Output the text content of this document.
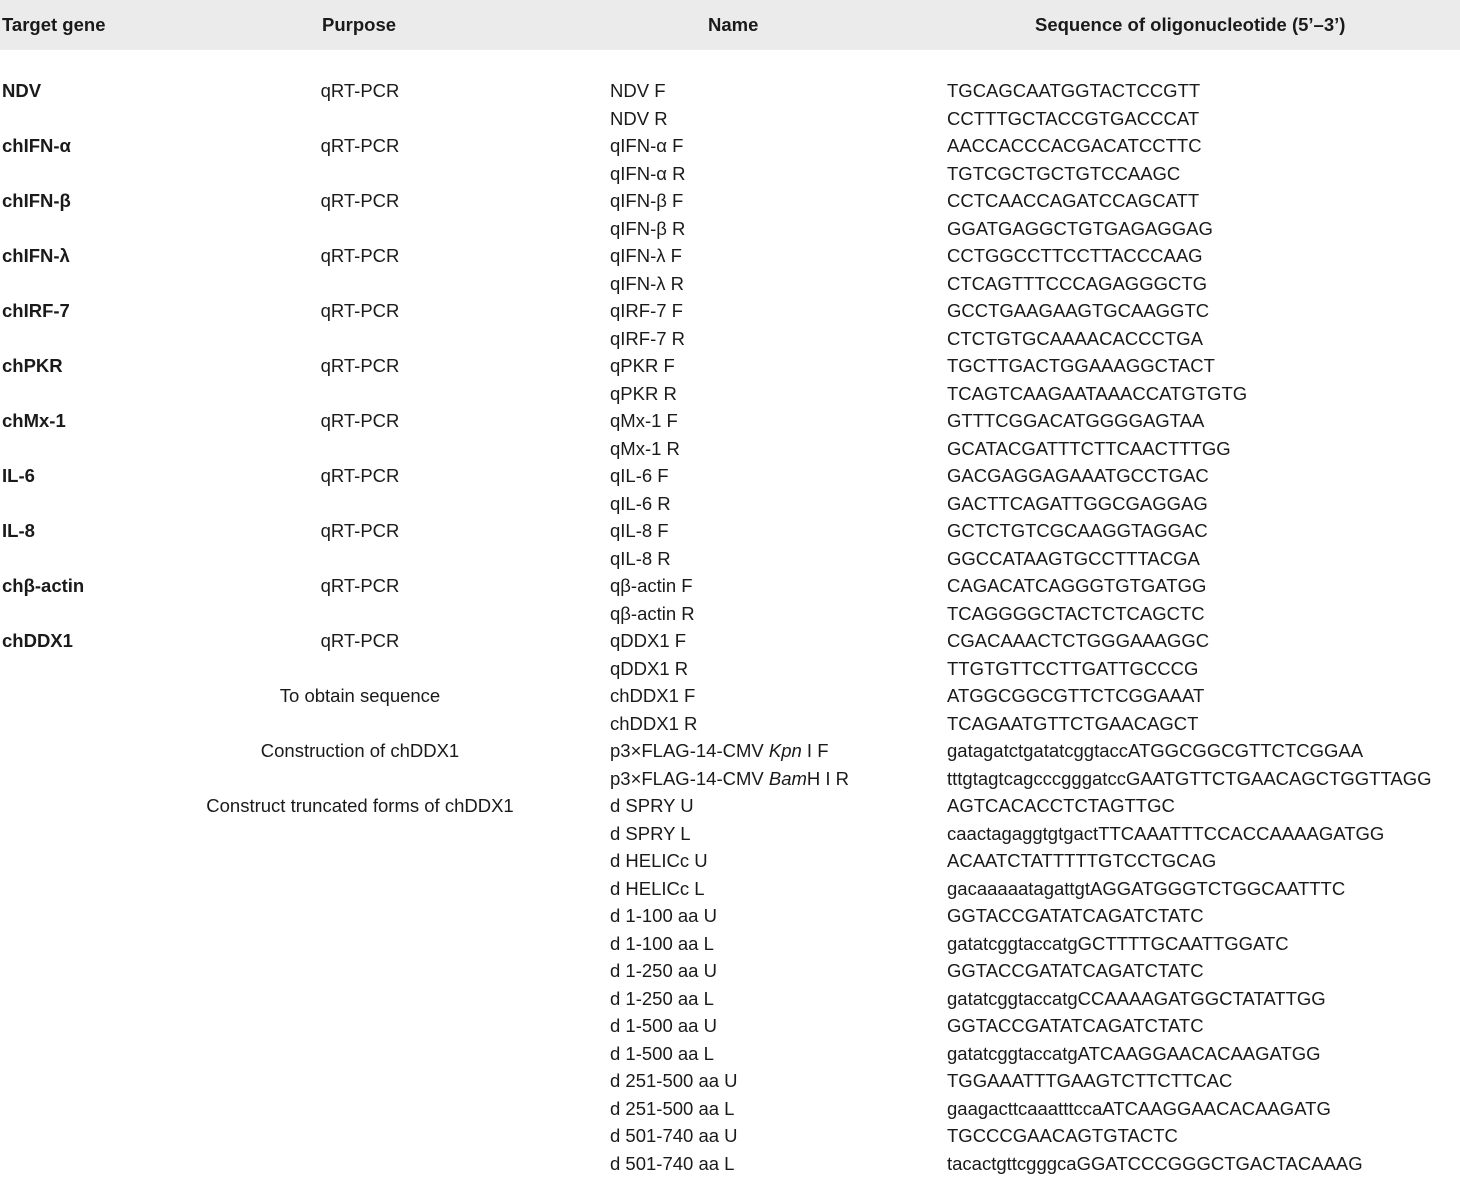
Target gene	Purpose	Name	Sequence of oligonucleotide (5’–3’)

NDV	qRT-PCR	NDV F	TGCAGCAATGGTACTCCGTT
		NDV R	CCTTTGCTACCGTGACCCAT
chIFN-α	qRT-PCR	qIFN-α F	AACCACCCACGACATCCTTC
		qIFN-α R	TGTCGCTGCTGTCCAAGC
chIFN-β	qRT-PCR	qIFN-β F	CCTCAACCAGATCCAGCATT
		qIFN-β R	GGATGAGGCTGTGAGAGGAG
chIFN-λ	qRT-PCR	qIFN-λ F	CCTGGCCTTCCTTACCCAAG
		qIFN-λ R	CTCAGTTTCCCAGAGGGCTG
chIRF-7	qRT-PCR	qIRF-7 F	GCCTGAAGAAGTGCAAGGTC
		qIRF-7 R	CTCTGTGCAAAACACCCTGA
chPKR	qRT-PCR	qPKR F	TGCTTGACTGGAAAGGCTACT
		qPKR R	TCAGTCAAGAATAAACCATGTGTG
chMx-1	qRT-PCR	qMx-1 F	GTTTCGGACATGGGGAGTAA
		qMx-1 R	GCATACGATTTCTTCAACTTTGG
IL-6	qRT-PCR	qIL-6 F	GACGAGGAGAAATGCCTGAC
		qIL-6 R	GACTTCAGATTGGCGAGGAG
IL-8	qRT-PCR	qIL-8 F	GCTCTGTCGCAAGGTAGGAC
		qIL-8 R	GGCCATAAGTGCCTTTACGA
chβ-actin	qRT-PCR	qβ-actin F	CAGACATCAGGGTGTGATGG
		qβ-actin R	TCAGGGGCTACTCTCAGCTC
chDDX1	qRT-PCR	qDDX1 F	CGACAAACTCTGGGAAAGGC
		qDDX1 R	TTGTGTTCCTTGATTGCCCG
	To obtain sequence	chDDX1 F	ATGGCGGCGTTCTCGGAAAT
		chDDX1 R	TCAGAATGTTCTGAACAGCT
	Construction of chDDX1	p3×FLAG-14-CMV Kpn I F	gatagatctgatatcggtaccATGGCGGCGTTCTCGGAA
		p3×FLAG-14-CMV BamH I R	tttgtagtcagcccgggatccGAATGTTCTGAACAGCTGGTTAGG
	Construct truncated forms of chDDX1	d SPRY U	AGTCACACCTCTAGTTGC
		d SPRY L	caactagaggtgtgactTTCAAATTTCCACCAAAAGATGG
		d HELICc U	ACAATCTATTTTTGTCCTGCAG
		d HELICc L	gacaaaaatagattgtAGGATGGGTCTGGCAATTTC
		d 1-100 aa U	GGTACCGATATCAGATCTATC
		d 1-100 aa L	gatatcggtaccatgGCTTTTGCAATTGGATC
		d 1-250 aa U	GGTACCGATATCAGATCTATC
		d 1-250 aa L	gatatcggtaccatgCCAAAAGATGGCTATATTGG
		d 1-500 aa U	GGTACCGATATCAGATCTATC
		d 1-500 aa L	gatatcggtaccatgATCAAGGAACACAAGATGG
		d 251-500 aa U	TGGAAATTTGAAGTCTTCTTCAC
		d 251-500 aa L	gaagacttcaaatttccaATCAAGGAACACAAGATG
		d 501-740 aa U	TGCCCGAACAGTGTACTC
		d 501-740 aa L	tacactgttcgggcaGGATCCCGGGCTGACTACAAAG
